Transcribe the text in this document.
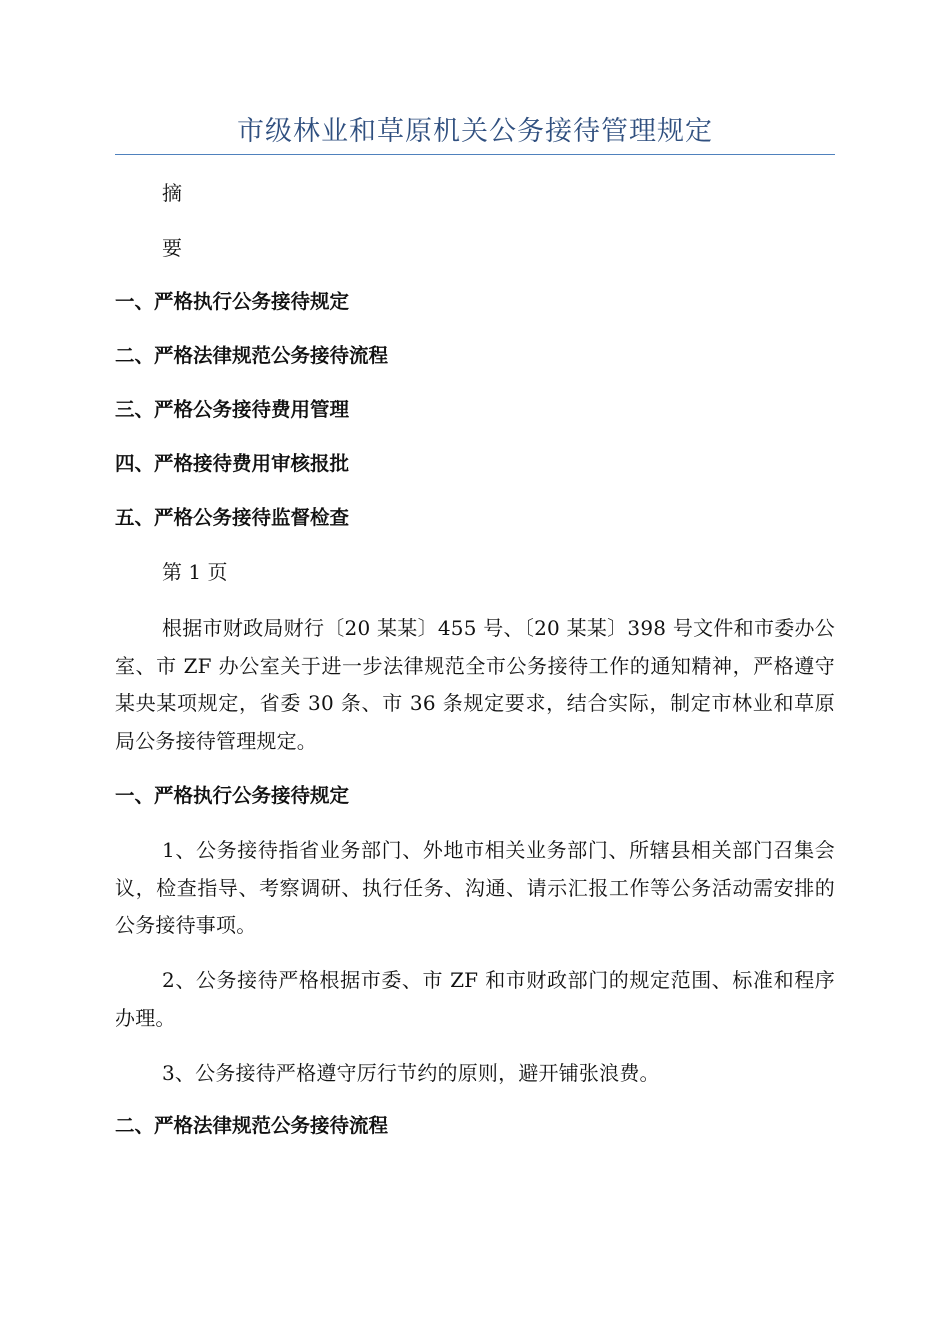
市级林业和草原机关公务接待管理规定
摘
要
一、严格执行公务接待规定
二、严格法律规范公务接待流程
三、严格公务接待费用管理
四、严格接待费用审核报批
五、严格公务接待监督检查
第 1 页
根据市财政局财行〔20 某某〕455 号、〔20 某某〕398 号文件和市委办公室、市 ZF 办公室关于进一步法律规范全市公务接待工作的通知精神，严格遵守某央某项规定，省委 30 条、市 36 条规定要求，结合实际，制定市林业和草原局公务接待管理规定。
一、严格执行公务接待规定
1、公务接待指省业务部门、外地市相关业务部门、所辖县相关部门召集会议，检查指导、考察调研、执行任务、沟通、请示汇报工作等公务活动需安排的公务接待事项。
2、公务接待严格根据市委、市 ZF 和市财政部门的规定范围、标准和程序办理。
3、公务接待严格遵守厉行节约的原则，避开铺张浪费。
二、严格法律规范公务接待流程
